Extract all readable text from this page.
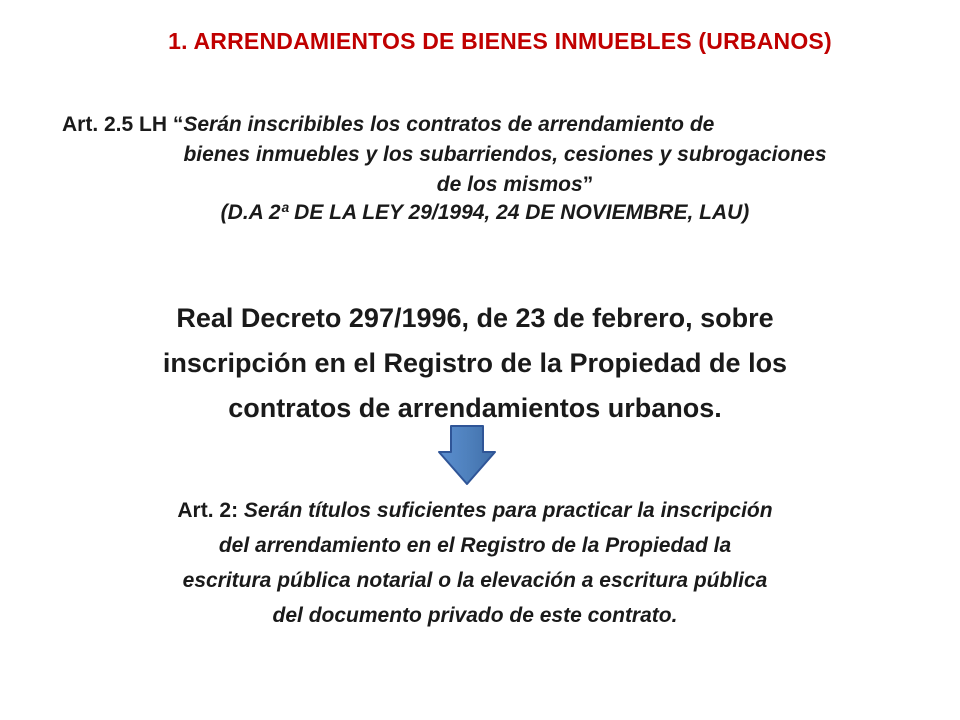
1. ARRENDAMIENTOS DE BIENES INMUEBLES (URBANOS)
Art. 2.5 LH “Serán inscribibles los contratos de arrendamiento de
bienes inmuebles y los subarriendos, cesiones y subrogaciones
de los mismos”
(D.A 2ª DE LA LEY 29/1994, 24 DE NOVIEMBRE, LAU)
Real Decreto 297/1996, de 23 de febrero, sobre
inscripción en el Registro de la Propiedad de los
contratos de arrendamientos urbanos.
Art. 2: Serán títulos suficientes para practicar la inscripción
del arrendamiento en el Registro de la Propiedad la
escritura pública notarial o la elevación a escritura pública
del documento privado de este contrato.
